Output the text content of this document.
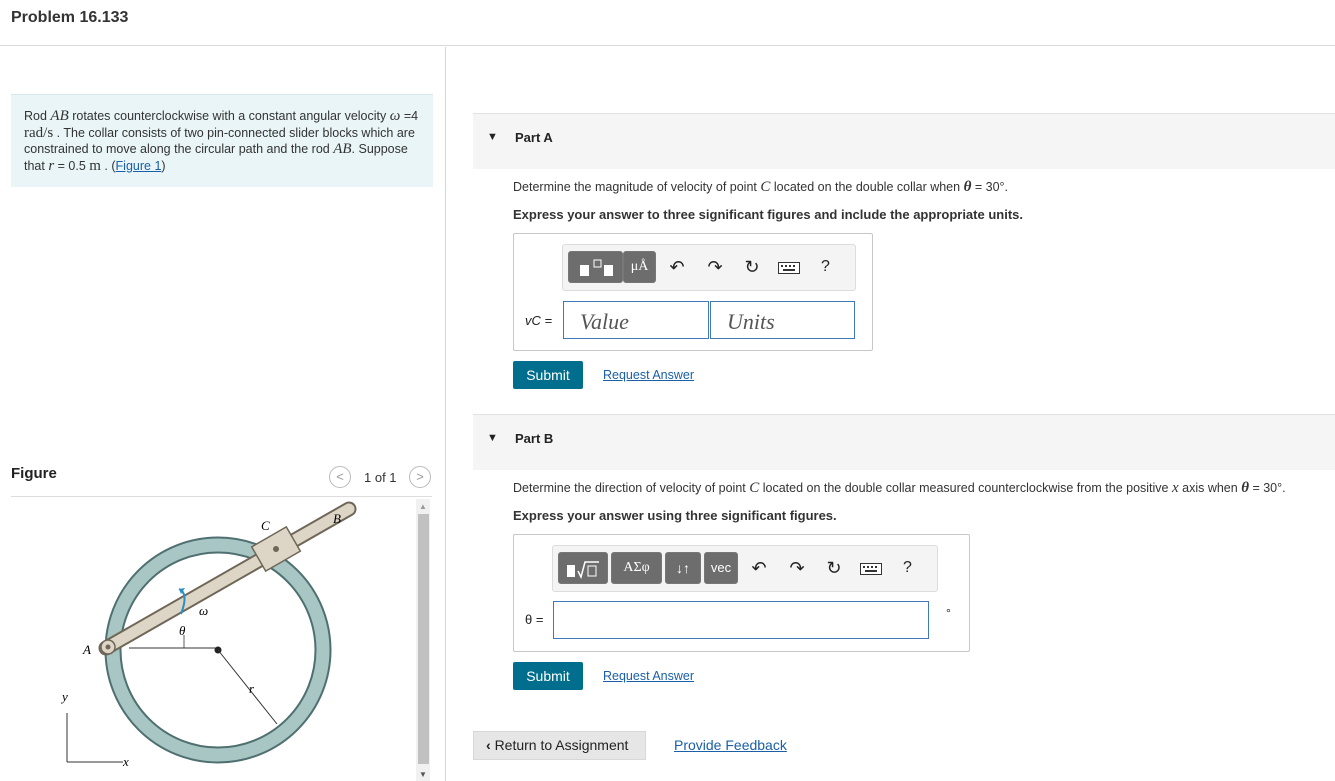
Problem 16.133
Rod AB rotates counterclockwise with a constant angular velocity ω =4 rad/s . The collar consists of two pin-connected slider blocks which are constrained to move along the circular path and the rod AB. Suppose that r = 0.5 m . (Figure 1)
Figure	<	1 of 1	>
A
B
C
ω
θ
r
x
y
▲
▼
▼ Part A
Determine the magnitude of velocity of point C located on the double collar when θ = 30°.
Express your answer to three significant figures and include the appropriate units.
μÅ	↶ ↷ ↻	?
vC =	Value	Units
Submit	Request Answer
▼ Part B
Determine the direction of velocity of point C located on the double collar measured counterclockwise from the positive x axis when θ = 30°.
Express your answer using three significant figures.
ΑΣφ	↓↑	vec	↶ ↷ ↻	?
θ =	°
Submit	Request Answer
‹ Return to Assignment	Provide Feedback
